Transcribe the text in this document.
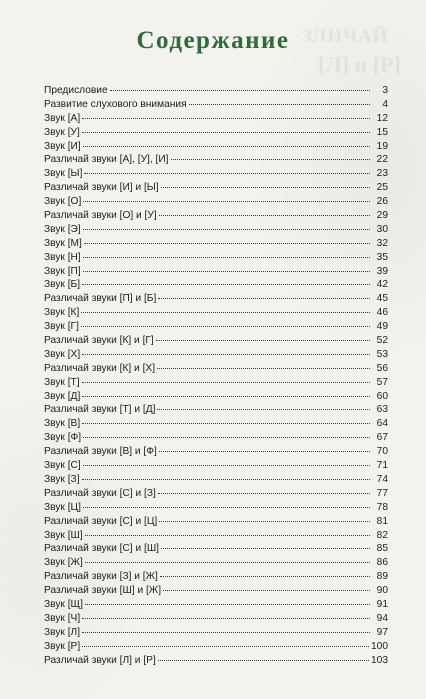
ЗЛИЧАЙ
[Л] и [Р]
Содержание
Предисловие	3
Развитие слухового внимания	4
Звук [А]	12
Звук [У]	15
Звук [И]	19
Различай звуки [А], [У], [И]	22
Звук [Ы]	23
Различай звуки [И] и [Ы]	25
Звук [О]	26
Различай звуки [О] и [У]	29
Звук [Э]	30
Звук [М]	32
Звук [Н]	35
Звук [П]	39
Звук [Б]	42
Различай звуки [П] и [Б]	45
Звук [К]	46
Звук [Г]	49
Различай звуки [К] и [Г]	52
Звук [Х]	53
Различай звуки [К] и [Х]	56
Звук [Т]	57
Звук [Д]	60
Различай звуки [Т] и [Д]	63
Звук [В]	64
Звук [Ф]	67
Различай звуки [В] и [Ф]	70
Звук [С]	71
Звук [З]	74
Различай звуки [С] и [З]	77
Звук [Ц]	78
Различай звуки [С] и [Ц]	81
Звук [Ш]	82
Различай звуки [С] и [Ш]	85
Звук [Ж]	86
Различай звуки [З] и [Ж]	89
Различай звуки [Ш] и [Ж]	90
Звук [Щ]	91
Звук [Ч]	94
Звук [Л]	97
Звук [Р]	100
Различай звуки [Л] и [Р]	103
